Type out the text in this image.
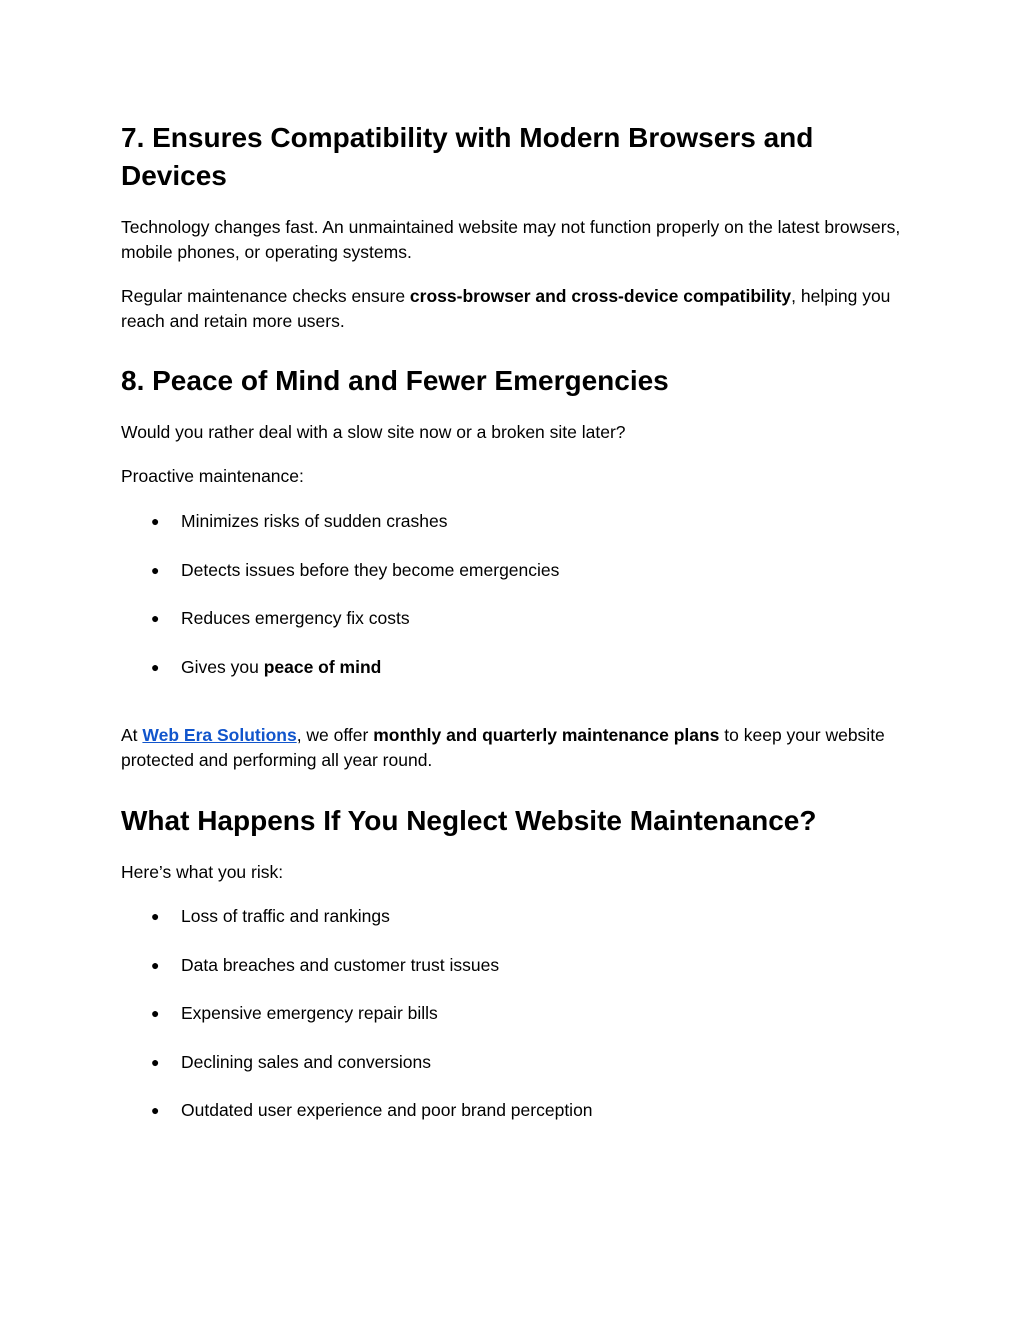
7. Ensures Compatibility with Modern Browsers and Devices

Technology changes fast. An unmaintained website may not function properly on the latest browsers, mobile phones, or operating systems.

Regular maintenance checks ensure cross-browser and cross-device compatibility, helping you reach and retain more users.

8. Peace of Mind and Fewer Emergencies

Would you rather deal with a slow site now or a broken site later?

Proactive maintenance:

● Minimizes risks of sudden crashes
● Detects issues before they become emergencies
● Reduces emergency fix costs
● Gives you peace of mind

At Web Era Solutions, we offer monthly and quarterly maintenance plans to keep your website protected and performing all year round.

What Happens If You Neglect Website Maintenance?

Here’s what you risk:

● Loss of traffic and rankings
● Data breaches and customer trust issues
● Expensive emergency repair bills
● Declining sales and conversions
● Outdated user experience and poor brand perception
